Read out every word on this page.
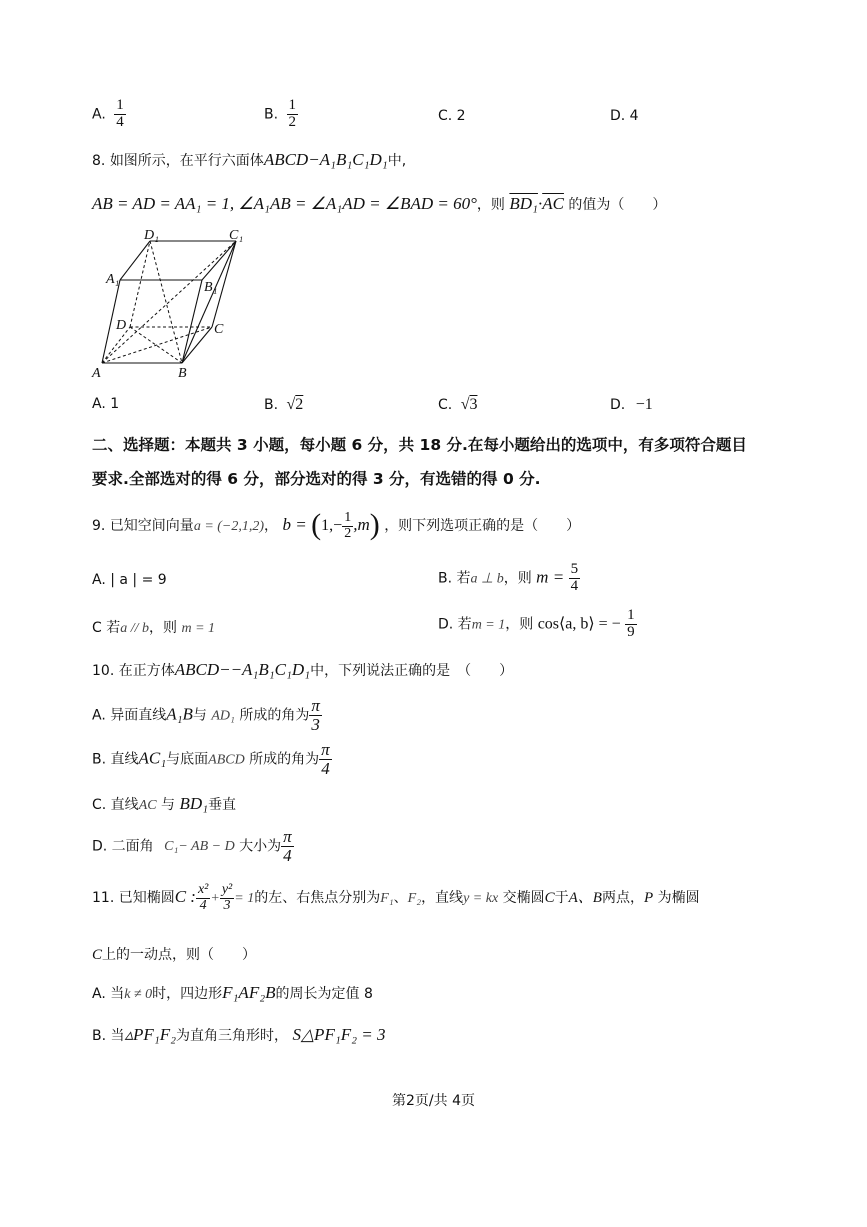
A. $\frac{1}{4}$	B. $\frac{1}{2}$	C. 2	D. 4
8. 如图所示，在平行六面体ABCD−A₁B₁C₁D₁中,
AB = AD = AA₁ = 1, ∠A₁AB = ∠A₁AD = ∠BAD = 60°，则 $BD_1\cdot\overline{AC}$ 的值为（　　）
A	B
C
D
A₁
B₁
C₁
D₁
A. 1	B. √2	C. √3	D. −1
二、选择题：本题共 3 小题，每小题 6 分，共 18 分.在每小题给出的选项中，有多项符合题目
要求.全部选对的得 6 分，部分选对的得 3 分，有选错的得 0 分.
9. 已知空间向量a = (−2,1,2)， $b = (1,- \frac{1}{2} ,m)$ ，则下列选项正确的是（　　）
A. | a | = 9	B. 若a ⊥ b，则 $m = \frac{5}{4}$
C 若a // b，则 m = 1	D. 若m = 1，则 cos⟨a, b⟩ = − $\frac{1}{9}$
10. 在正方体ABCD−−A₁B₁C₁D₁中，下列说法正确的是　（　　）
A. 异面直线A₁B与 AD₁ 所成的角为 $\frac{\pi}{3}$
B. 直线AC₁与底面ABCD 所成的角为 $\frac{\pi}{4}$
C. 直线AC 与 BD₁垂直
D. 二面角 C₁− AB − D 大小为 $\frac{\pi}{4}$
11. 已知椭圆C : $\frac{\text{x²}}{4} + \frac{\text{y²}}{3} = 1$的左、右焦点分别为F₁、F₂，直线y = kx 交椭圆C于A、B两点，P 为椭圆
C上的一动点，则（　　）
A. 当k ≠ 0时，四边形F₁AF₂B的周长为定值 8
B. 当▵PF₁F₂为直角三角形时， S△PF₁F₂ = 3
第2页/共 4页
